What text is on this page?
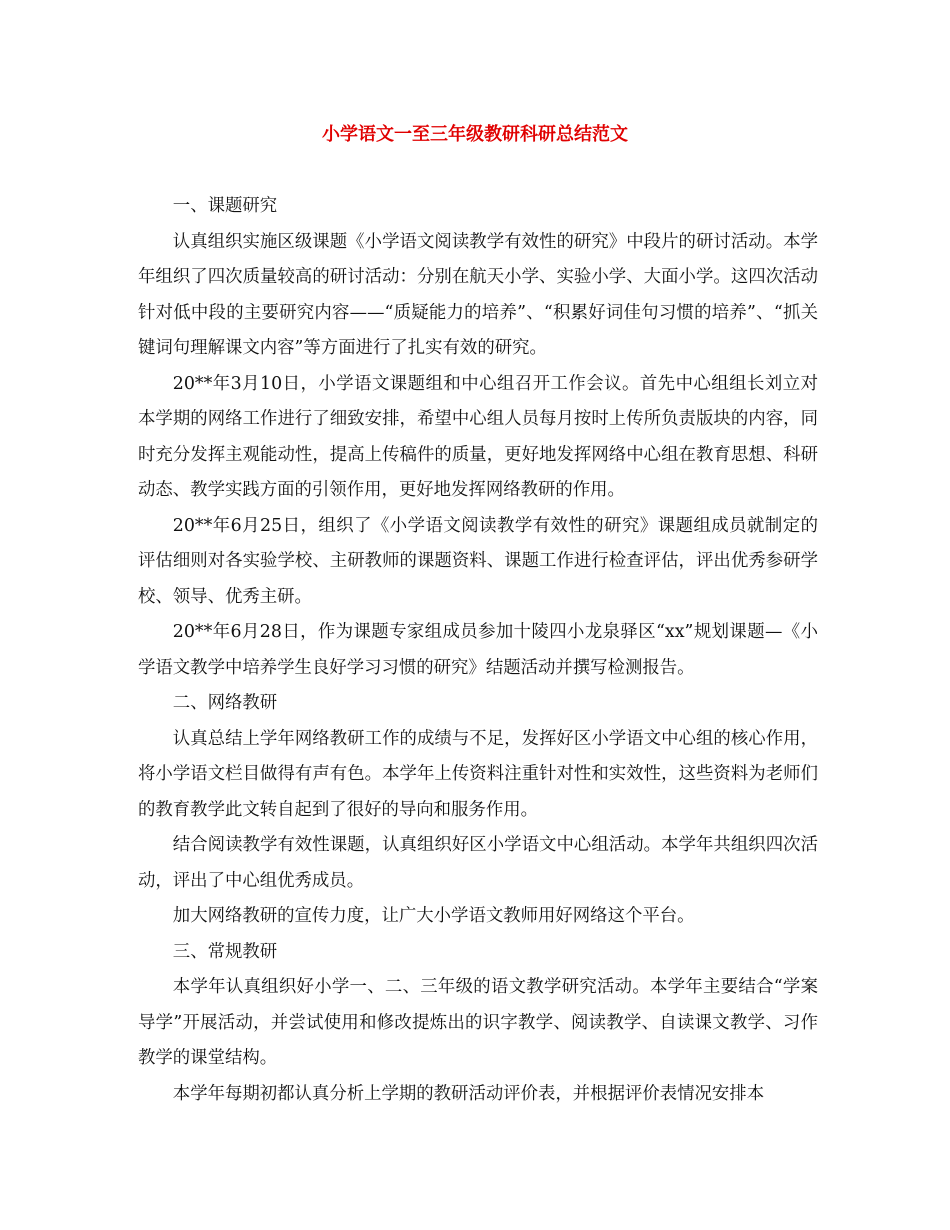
小学语文一至三年级教研科研总结范文

一、课题研究

认真组织实施区级课题《小学语文阅读教学有效性的研究》中段片的研讨活动。本学年组织了四次质量较高的研讨活动：分别在航天小学、实验小学、大面小学。这四次活动针对低中段的主要研究内容——“质疑能力的培养”、“积累好词佳句习惯的培养”、“抓关键词句理解课文内容”等方面进行了扎实有效的研究。

20**年3月10日，小学语文课题组和中心组召开工作会议。首先中心组组长刘立对本学期的网络工作进行了细致安排，希望中心组人员每月按时上传所负责版块的内容，同时充分发挥主观能动性，提高上传稿件的质量，更好地发挥网络中心组在教育思想、科研动态、教学实践方面的引领作用，更好地发挥网络教研的作用。

20**年6月25日，组织了《小学语文阅读教学有效性的研究》课题组成员就制定的评估细则对各实验学校、主研教师的课题资料、课题工作进行检查评估，评出优秀参研学校、领导、优秀主研。

20**年6月28日，作为课题专家组成员参加十陵四小龙泉驿区“xx”规划课题—《小学语文教学中培养学生良好学习习惯的研究》结题活动并撰写检测报告。

二、网络教研

认真总结上学年网络教研工作的成绩与不足，发挥好区小学语文中心组的核心作用，将小学语文栏目做得有声有色。本学年上传资料注重针对性和实效性，这些资料为老师们的教育教学此文转自起到了很好的导向和服务作用。

结合阅读教学有效性课题，认真组织好区小学语文中心组活动。本学年共组织四次活动，评出了中心组优秀成员。

加大网络教研的宣传力度，让广大小学语文教师用好网络这个平台。

三、常规教研

本学年认真组织好小学一、二、三年级的语文教学研究活动。本学年主要结合“学案导学”开展活动，并尝试使用和修改提炼出的识字教学、阅读教学、自读课文教学、习作教学的课堂结构。

本学年每期初都认真分析上学期的教研活动评价表，并根据评价表情况安排本
